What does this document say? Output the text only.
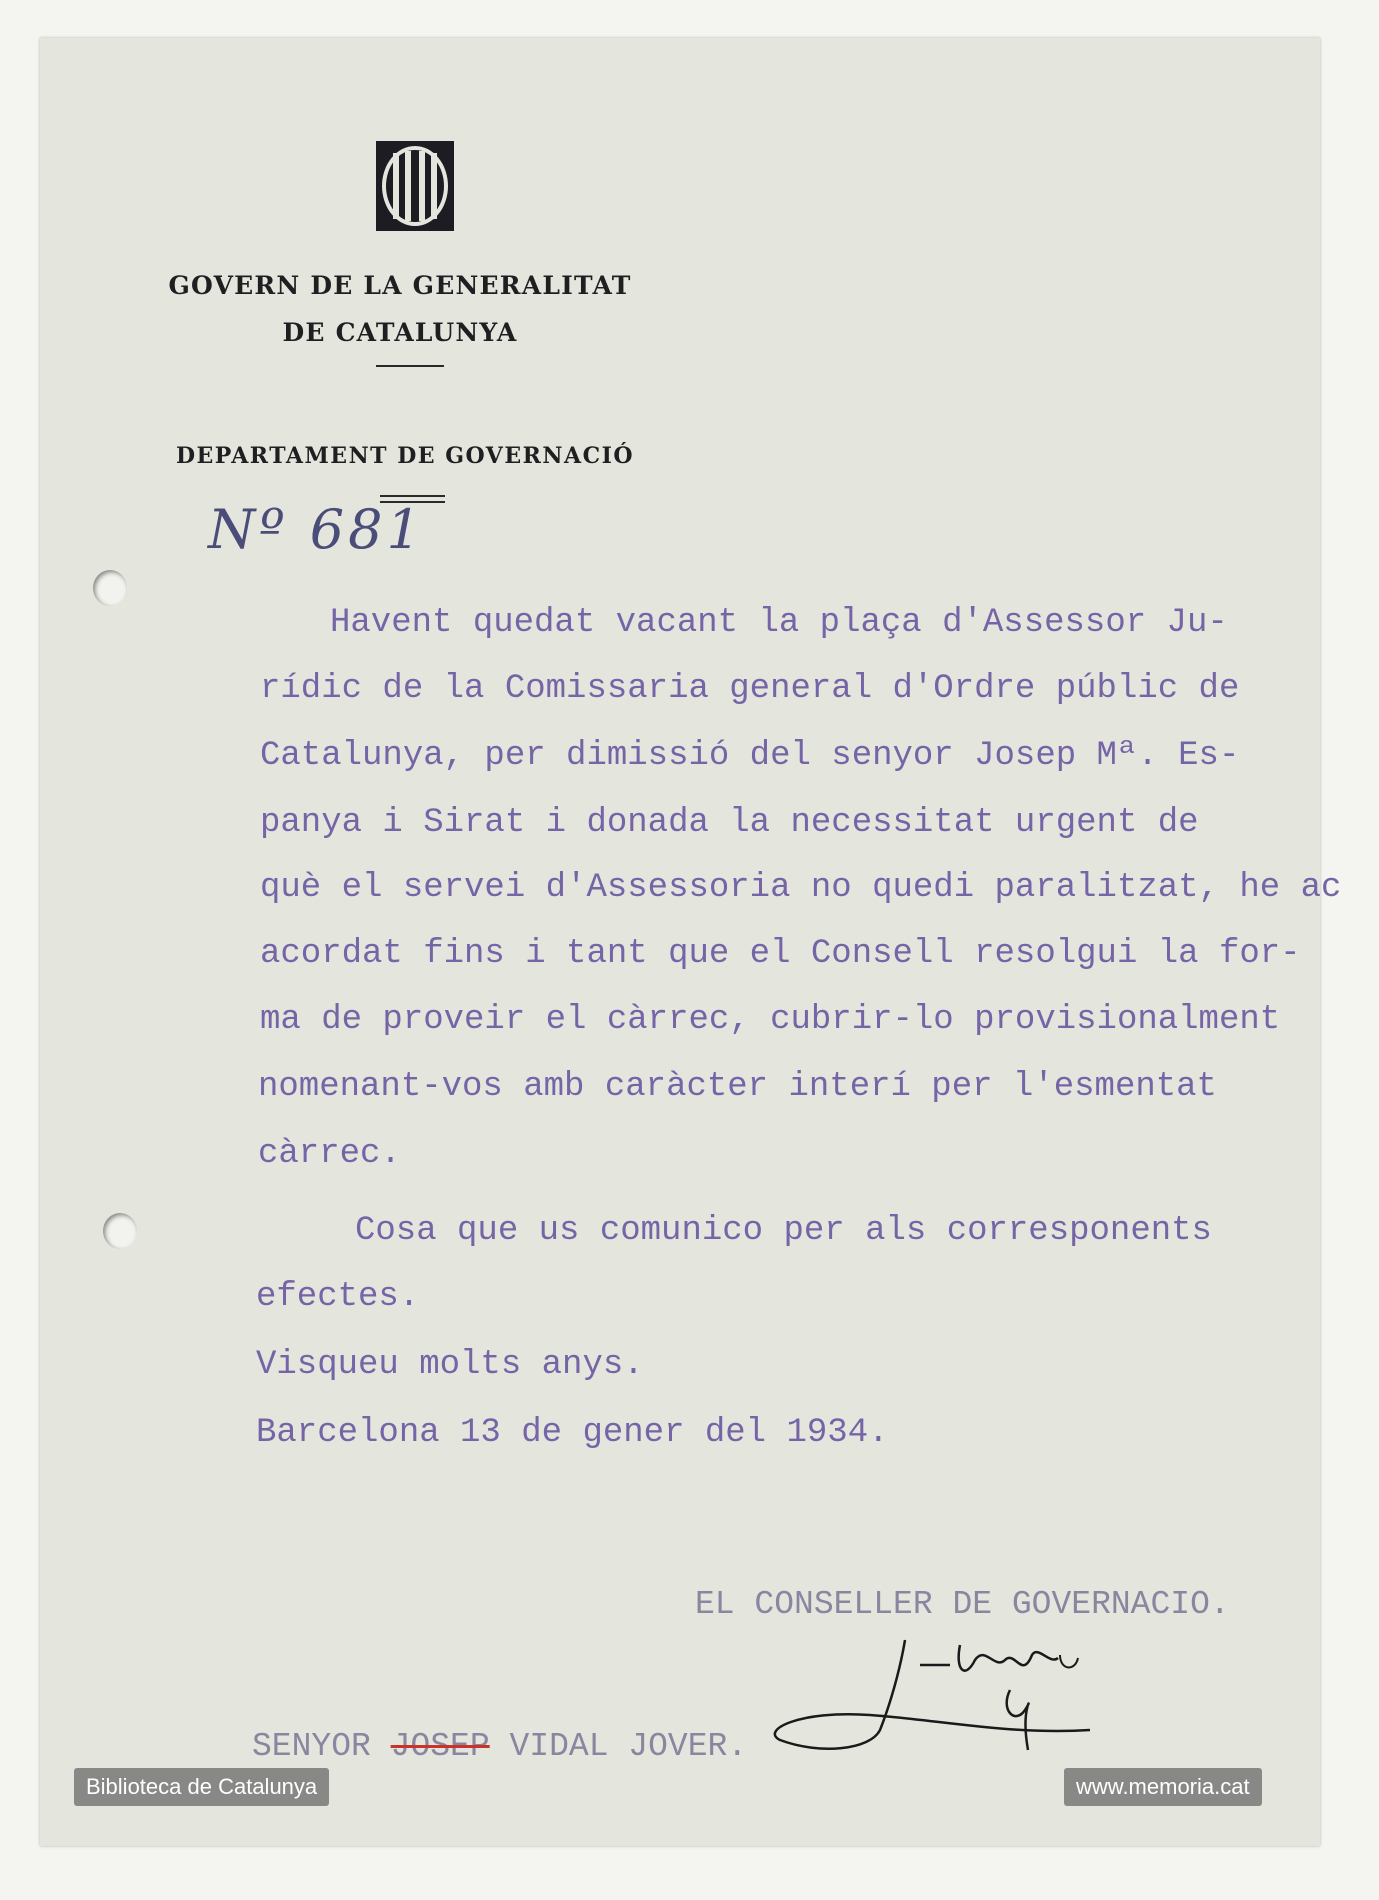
GOVERN DE LA GENERALITAT
DE CATALUNYA
DEPARTAMENT DE GOVERNACIÓ
Nº 681
Havent quedat vacant la plaça d'Assessor Ju-
rídic de la Comissaria general d'Ordre públic de
Catalunya, per dimissió del senyor Josep Mª. Es-
panya i Sirat i donada la necessitat urgent de
què el servei d'Assessoria no quedi paralitzat, he ac
acordat fins i tant que el Consell resolgui la for-
ma de proveir el càrrec, cubrir-lo provisionalment
nomenant-vos amb caràcter interí per l'esmentat
càrrec.
Cosa que us comunico per als corresponents
efectes.
Visqueu molts anys.
Barcelona 13 de gener del 1934.
EL CONSELLER DE GOVERNACIO.
SENYOR JOSEP VIDAL JOVER.
Biblioteca de Catalunya	www.memoria.cat
